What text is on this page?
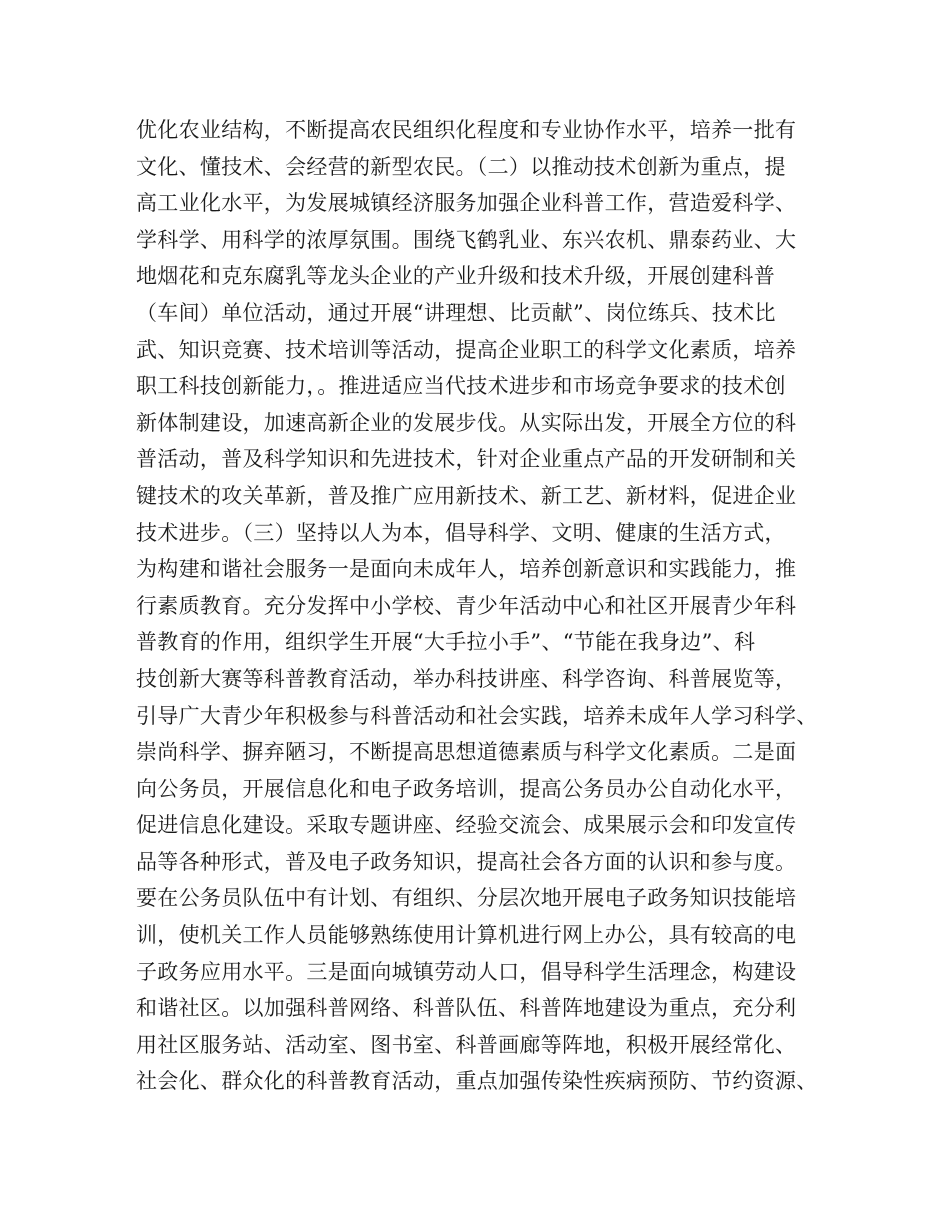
优化农业结构，不断提高农民组织化程度和专业协作水平，培养一批有
文化、懂技术、会经营的新型农民。（二）以推动技术创新为重点，提
高工业化水平，为发展城镇经济服务加强企业科普工作，营造爱科学、
学科学、用科学的浓厚氛围。围绕飞鹤乳业、东兴农机、鼎泰药业、大
地烟花和克东腐乳等龙头企业的产业升级和技术升级，开展创建科普
（车间）单位活动，通过开展“讲理想、比贡献”、岗位练兵、技术比
武、知识竞赛、技术培训等活动，提高企业职工的科学文化素质，培养
职工科技创新能力，。推进适应当代技术进步和市场竞争要求的技术创
新体制建设，加速高新企业的发展步伐。从实际出发，开展全方位的科
普活动，普及科学知识和先进技术，针对企业重点产品的开发研制和关
键技术的攻关革新，普及推广应用新技术、新工艺、新材料，促进企业
技术进步。（三）坚持以人为本，倡导科学、文明、健康的生活方式，
为构建和谐社会服务一是面向未成年人，培养创新意识和实践能力，推
行素质教育。充分发挥中小学校、青少年活动中心和社区开展青少年科
普教育的作用，组织学生开展“大手拉小手”、“节能在我身边”、科
技创新大赛等科普教育活动，举办科技讲座、科学咨询、科普展览等，
引导广大青少年积极参与科普活动和社会实践，培养未成年人学习科学、
崇尚科学、摒弃陋习，不断提高思想道德素质与科学文化素质。二是面
向公务员，开展信息化和电子政务培训，提高公务员办公自动化水平，
促进信息化建设。采取专题讲座、经验交流会、成果展示会和印发宣传
品等各种形式，普及电子政务知识，提高社会各方面的认识和参与度。
要在公务员队伍中有计划、有组织、分层次地开展电子政务知识技能培
训，使机关工作人员能够熟练使用计算机进行网上办公，具有较高的电
子政务应用水平。三是面向城镇劳动人口，倡导科学生活理念，构建设
和谐社区。以加强科普网络、科普队伍、科普阵地建设为重点，充分利
用社区服务站、活动室、图书室、科普画廊等阵地，积极开展经常化、
社会化、群众化的科普教育活动，重点加强传染性疾病预防、节约资源、
